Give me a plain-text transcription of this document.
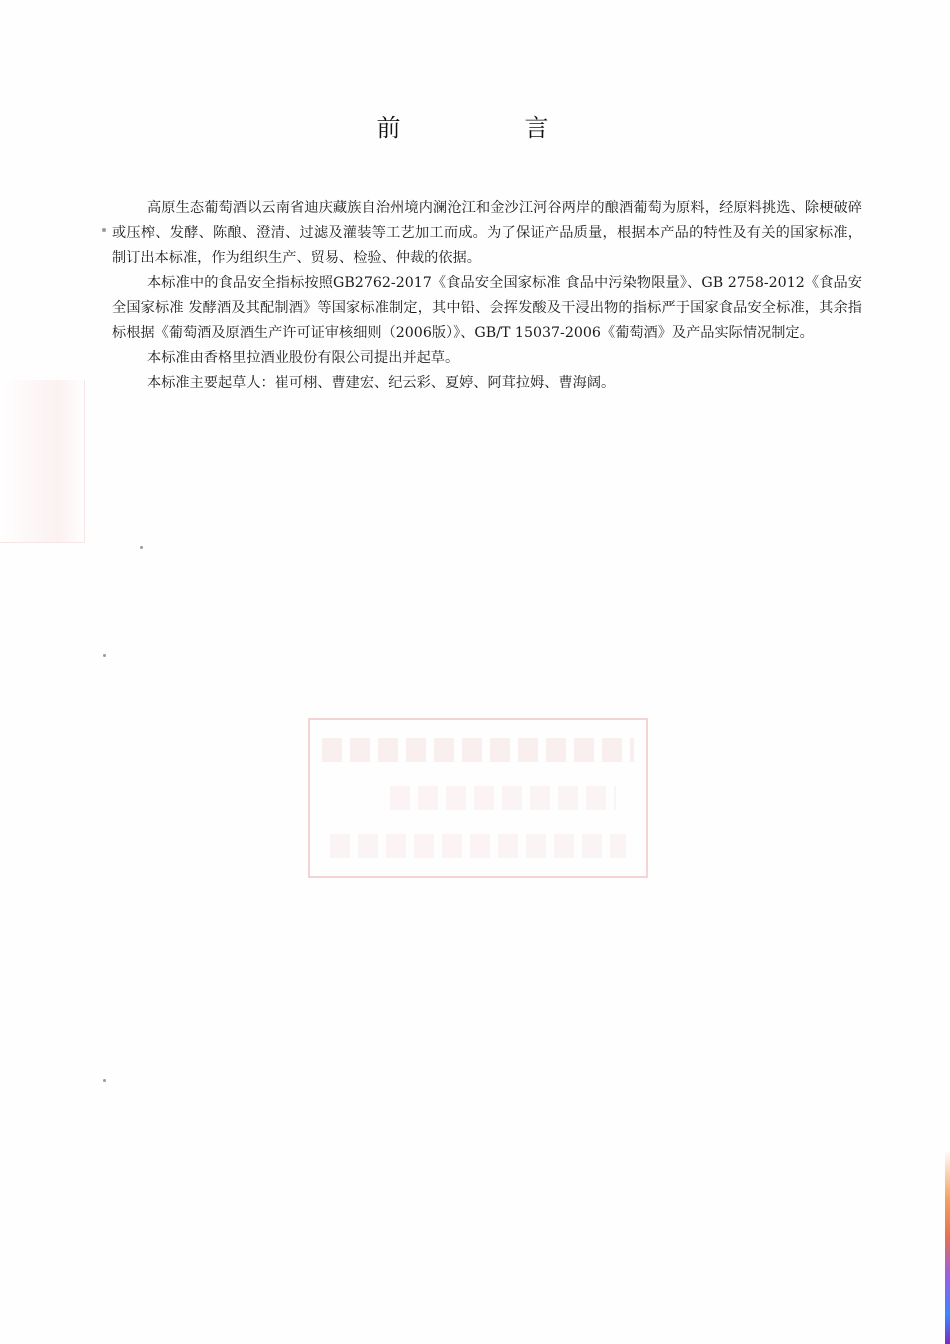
前　言

高原生态葡萄酒以云南省迪庆藏族自治州境内澜沧江和金沙江河谷两岸的酿酒葡萄为原料，经原料挑选、除梗破碎或压榨、发酵、陈酿、澄清、过滤及灌装等工艺加工而成。为了保证产品质量，根据本产品的特性及有关的国家标准，制订出本标准，作为组织生产、贸易、检验、仲裁的依据。

本标准中的食品安全指标按照GB2762-2017《食品安全国家标准 食品中污染物限量》、GB 2758-2012《食品安全国家标准 发酵酒及其配制酒》等国家标准制定，其中铅、会挥发酸及干浸出物的指标严于国家食品安全标准，其余指标根据《葡萄酒及原酒生产许可证审核细则（2006版）》、GB/T 15037-2006《葡萄酒》及产品实际情况制定。

本标准由香格里拉酒业股份有限公司提出并起草。

本标准主要起草人：崔可栩、曹建宏、纪云彩、夏婷、阿茸拉姆、曹海阔。
